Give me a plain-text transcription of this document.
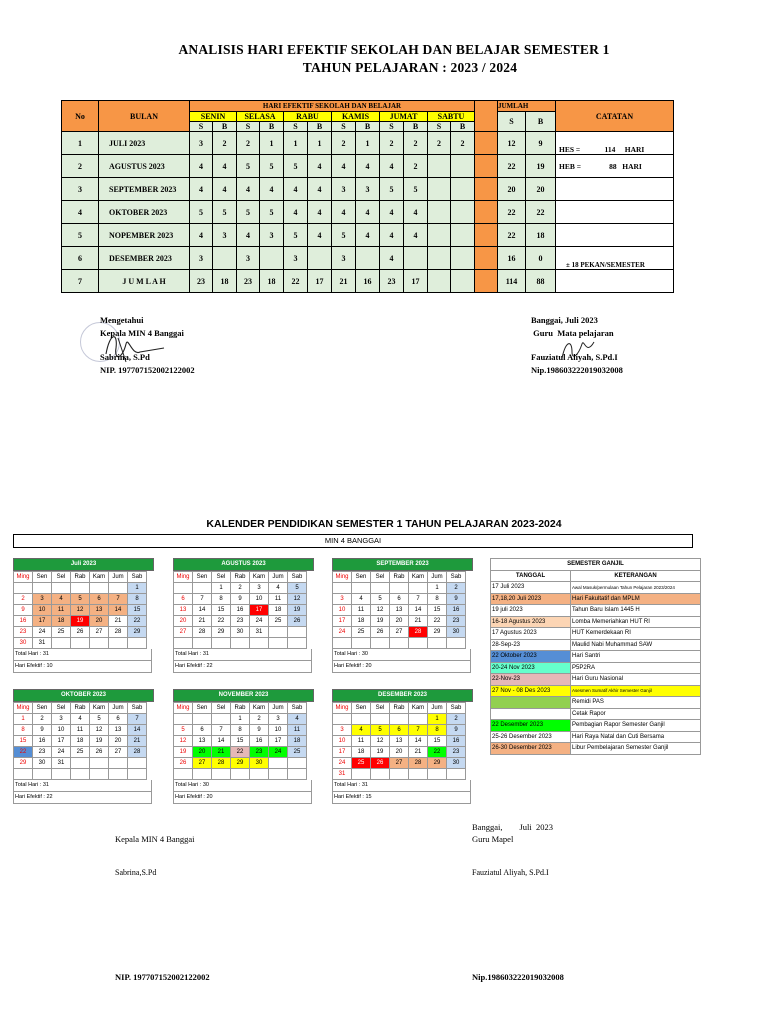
ANALISIS HARI EFEKTIF SEKOLAH DAN BELAJAR SEMESTER 1
TAHUN PELAJARAN : 2023 / 2024
No	BULAN	HARI EFEKTIF SEKOLAH DAN BELAJAR													JUMLAH		CATATAN
		SENIN		SELASA		RABU		KAMIS		JUMAT		SABTU			S	B	
		S	B	S	B	S	B	S	B	S	B	S	B				
1	JULI 2023	3	2	2	1	1	1	2	1	2	2	2	2		12	9	HES =             114     HARI
2	AGUSTUS 2023	4	4	5	5	5	4	4	4	4	2				22	19	HEB =               88   HARI
3	SEPTEMBER 2023	4	4	4	4	4	4	3	3	5	5				20	20	
4	OKTOBER 2023	5	5	5	5	4	4	4	4	4	4				22	22	
5	NOPEMBER 2023	4	3	4	3	5	4	5	4	4	4				22	18	
6	DESEMBER 2023	3		3		3		3		4					16	0	± 18 PEKAN/SEMESTER
7	J U M L A H	23	18	23	18	22	17	21	16	23	17				114	88	
Mengetahui
Kepala MIN 4 Banggai
Sabrina, S.Pd
NIP. 197707152002122002
Banggai, Juli 2023
Guru  Mata pelajaran
Fauziatul Aliyah, S.Pd.I
Nip.198603222019032008
KALENDER PENDIDIKAN SEMESTER 1 TAHUN PELAJARAN 2023-2024
MIN 4 BANGGAI
Juli 2023
Ming	Sen	Sel	Rab	Kam	Jum	Sab
						1
2	3	4	5	6	7	8
9	10	11	12	13	14	15
16	17	18	19	20	21	22
23	24	25	26	27	28	29
30	31					
Total Hari : 31
Hari Efektif : 10
AGUSTUS 2023
Ming	Sen	Sel	Rab	Kam	Jum	Sab
		1	2	3	4	5
6	7	8	9	10	11	12
13	14	15	16	17	18	19
20	21	22	23	24	25	26
27	28	29	30	31		

Total Hari : 31
Hari Efektif : 22
SEPTEMBER 2023
Ming	Sen	Sel	Rab	Kam	Jum	Sab
					1	2
3	4	5	6	7	8	9
10	11	12	13	14	15	16
17	18	19	20	21	22	23
24	25	26	27	28	29	30

Total Hari : 30
Hari Efektif : 20
OKTOBER 2023
Ming	Sen	Sel	Rab	Kam	Jum	Sab
1	2	3	4	5	6	7
8	9	10	11	12	13	14
15	16	17	18	19	20	21
22	23	24	25	26	27	28
29	30	31				

Total Hari : 31
Hari Efektif : 22
NOVEMBER 2023
Ming	Sen	Sel	Rab	Kam	Jum	Sab
			1	2	3	4
5	6	7	8	9	10	11
12	13	14	15	16	17	18
19	20	21	22	23	24	25
26	27	28	29	30		

Total Hari : 30
Hari Efektif : 20
DESEMBER 2023
Ming	Sen	Sel	Rab	Kam	Jum	Sab
					1	2
3	4	5	6	7	8	9
10	11	12	13	14	15	16
17	18	19	20	21	22	23
24	25	26	27	28	29	30
31						
Total Hari : 31
Hari Efektif : 15
SEMESTER GANJIL	
TANGGAL	KETERANGAN
17 Juli 2023	Awal Masuk/permulaan Tahun Pelajaran 2023/2024
17,18,20 Juli 2023	Hari Fakultatif dan MPLM
19 juli 2023	Tahun Baru Islam 1445 H
16-18 Agustus 2023	Lomba Memeriahkan HUT RI
17 Agustus 2023	HUT Kemerdekaan RI
28-Sep-23	Maulid Nabi Muhammad SAW
22 Oktober 2023	Hari Santri
20-24 Nov 2023	P5P2RA
22-Nov-23	Hari Guru Nasional
27 Nov - 08 Des 2023	Asesmen Sumatif Akhir Semester Ganjil
	Remidi PAS
	Cetak Rapor
22 Desember 2023	Pembagian Rapor Semester Ganjil
25-26 Desember 2023	Hari Raya Natal dan Cuti Bersama
26-30 Desember 2023	Libur Pembelajaran Semester Ganjil
Kepala MIN 4 Banggai
Sabrina,S.Pd
NIP. 197707152002122002
Banggai,        Juli  2023
Guru Mapel
Fauziatul Aliyah, S.Pd.I
Nip.198603222019032008
